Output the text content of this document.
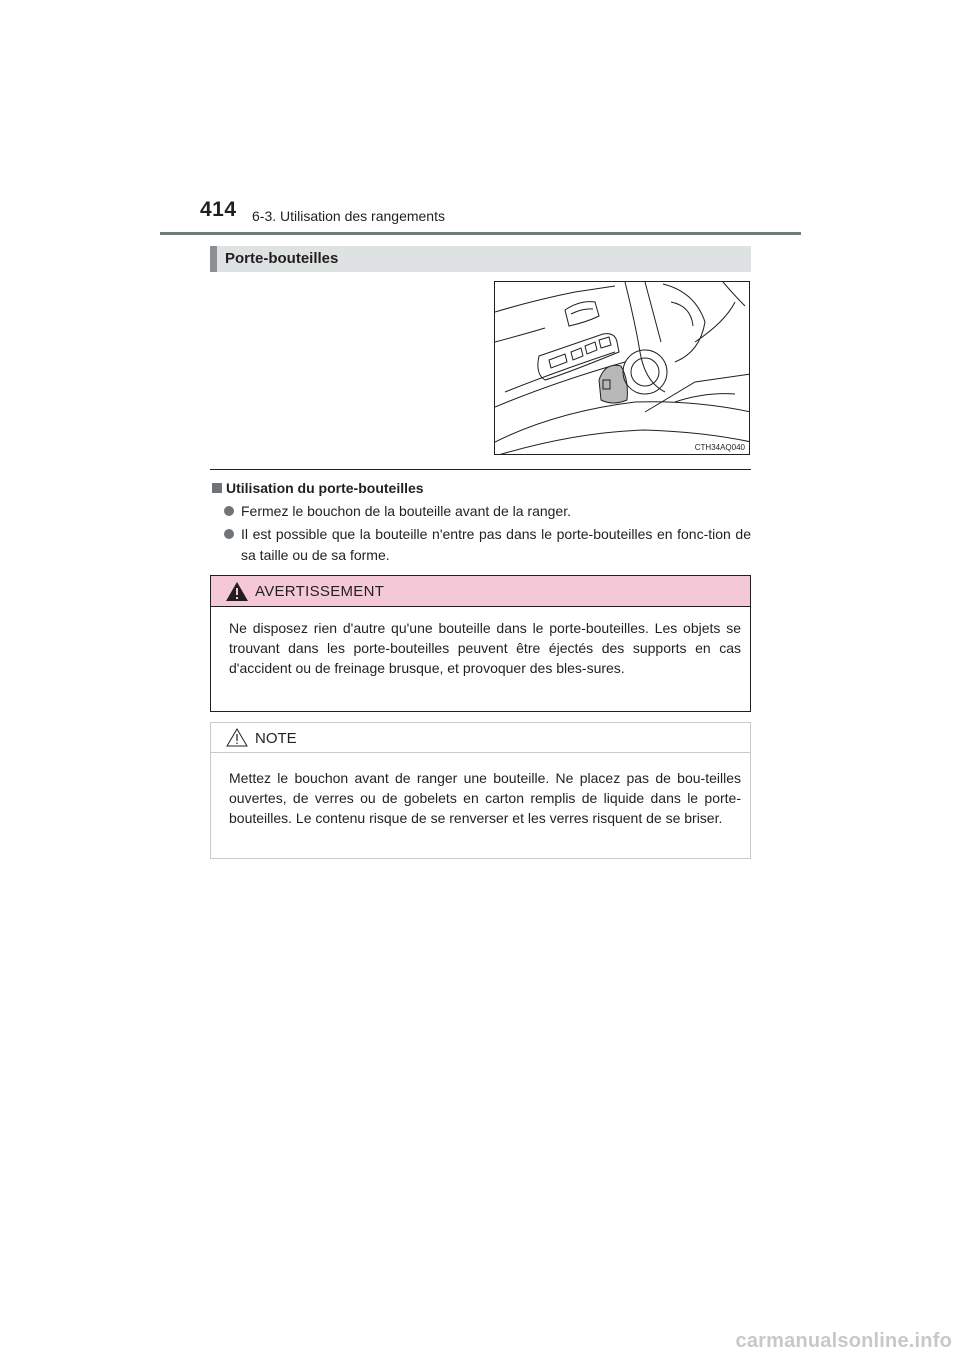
414 6-3. Utilisation des rangements
Porte-bouteilles
CTH34AQ040
Utilisation du porte-bouteilles
Fermez le bouchon de la bouteille avant de la ranger.
Il est possible que la bouteille n'entre pas dans le porte-bouteilles en fonc-tion de sa taille ou de sa forme.
AVERTISSEMENT
Ne disposez rien d'autre qu'une bouteille dans le porte-bouteilles. Les objets se trouvant dans les porte-bouteilles peuvent être éjectés des supports en cas d'accident ou de freinage brusque, et provoquer des bles-sures.
NOTE
Mettez le bouchon avant de ranger une bouteille. Ne placez pas de bou-teilles ouvertes, de verres ou de gobelets en carton remplis de liquide dans le porte-bouteilles. Le contenu risque de se renverser et les verres risquent de se briser.
carmanualsonline.info
